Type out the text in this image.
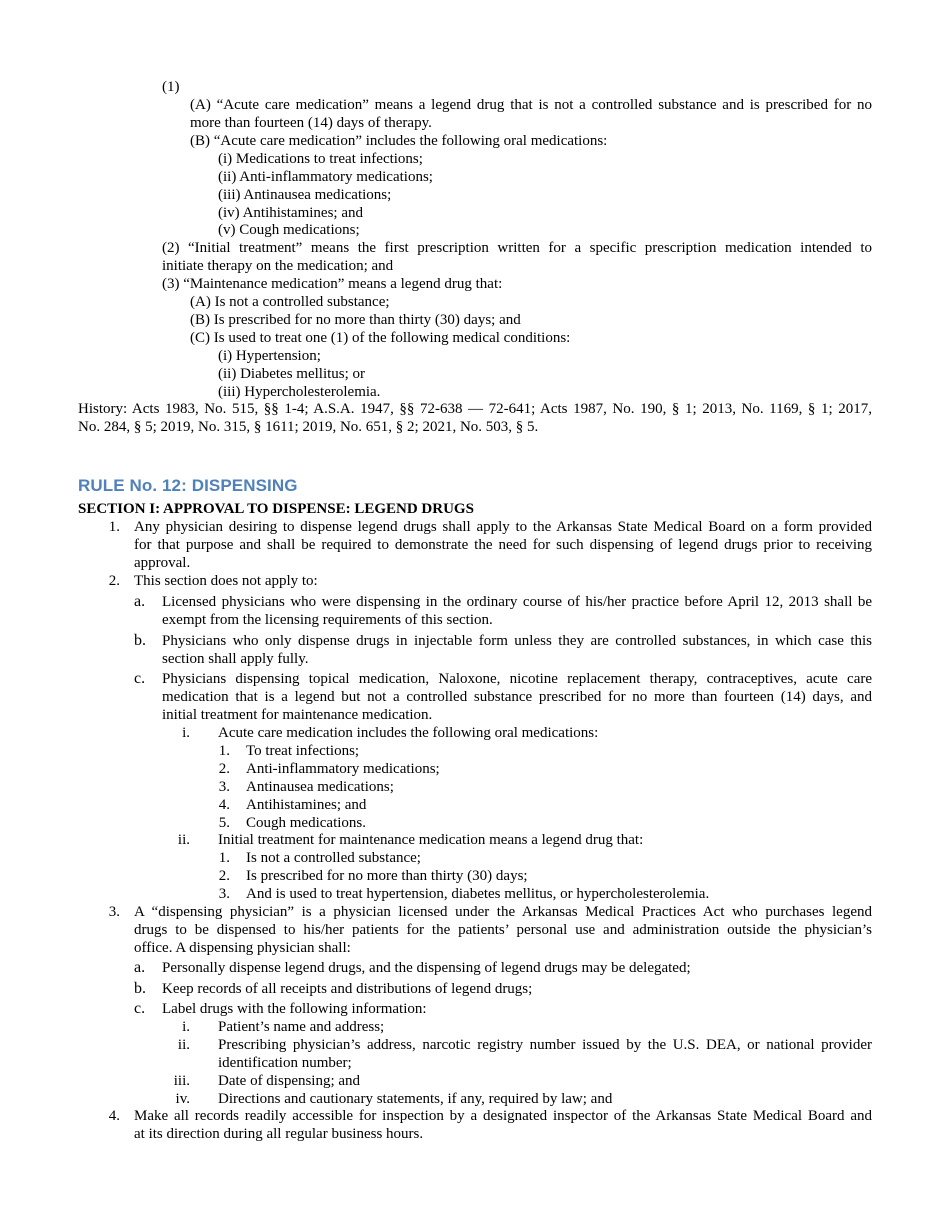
(1)
(A) “Acute care medication” means a legend drug that is not a controlled substance and is prescribed for no
more than fourteen (14) days of therapy.
(B) “Acute care medication” includes the following oral medications:
(i) Medications to treat infections;
(ii) Anti-inflammatory medications;
(iii) Antinausea medications;
(iv) Antihistamines; and
(v) Cough medications;
(2) “Initial treatment” means the first prescription written for a specific prescription medication intended to
initiate therapy on the medication; and
(3) “Maintenance medication” means a legend drug that:
(A) Is not a controlled substance;
(B) Is prescribed for no more than thirty (30) days; and
(C) Is used to treat one (1) of the following medical conditions:
(i) Hypertension;
(ii) Diabetes mellitus; or
(iii) Hypercholesterolemia.
History: Acts 1983, No. 515, §§ 1-4; A.S.A. 1947, §§ 72-638 — 72-641; Acts 1987, No. 190, § 1; 2013, No. 1169, § 1; 2017,
No. 284, § 5; 2019, No. 315, § 1611; 2019, No. 651, § 2; 2021, No. 503, § 5.
RULE No. 12: DISPENSING
SECTION I: APPROVAL TO DISPENSE: LEGEND DRUGS
1. Any physician desiring to dispense legend drugs shall apply to the Arkansas State Medical Board on a form provided
for that purpose and shall be required to demonstrate the need for such dispensing of legend drugs prior to receiving
approval.
2. This section does not apply to:
a. Licensed physicians who were dispensing in the ordinary course of his/her practice before April 12, 2013 shall be
exempt from the licensing requirements of this section.
b. Physicians who only dispense drugs in injectable form unless they are controlled substances, in which case this
section shall apply fully.
c. Physicians dispensing topical medication, Naloxone, nicotine replacement therapy, contraceptives, acute care
medication that is a legend but not a controlled substance prescribed for no more than fourteen (14) days, and
initial treatment for maintenance medication.
i. Acute care medication includes the following oral medications:
1. To treat infections;
2. Anti-inflammatory medications;
3. Antinausea medications;
4. Antihistamines; and
5. Cough medications.
ii. Initial treatment for maintenance medication means a legend drug that:
1. Is not a controlled substance;
2. Is prescribed for no more than thirty (30) days;
3. And is used to treat hypertension, diabetes mellitus, or hypercholesterolemia.
3. A “dispensing physician” is a physician licensed under the Arkansas Medical Practices Act who purchases legend
drugs to be dispensed to his/her patients for the patients’ personal use and administration outside the physician’s
office. A dispensing physician shall:
a. Personally dispense legend drugs, and the dispensing of legend drugs may be delegated;
b. Keep records of all receipts and distributions of legend drugs;
c. Label drugs with the following information:
i. Patient’s name and address;
ii. Prescribing physician’s address, narcotic registry number issued by the U.S. DEA, or national provider
identification number;
iii. Date of dispensing; and
iv. Directions and cautionary statements, if any, required by law; and
4. Make all records readily accessible for inspection by a designated inspector of the Arkansas State Medical Board and
at its direction during all regular business hours.
